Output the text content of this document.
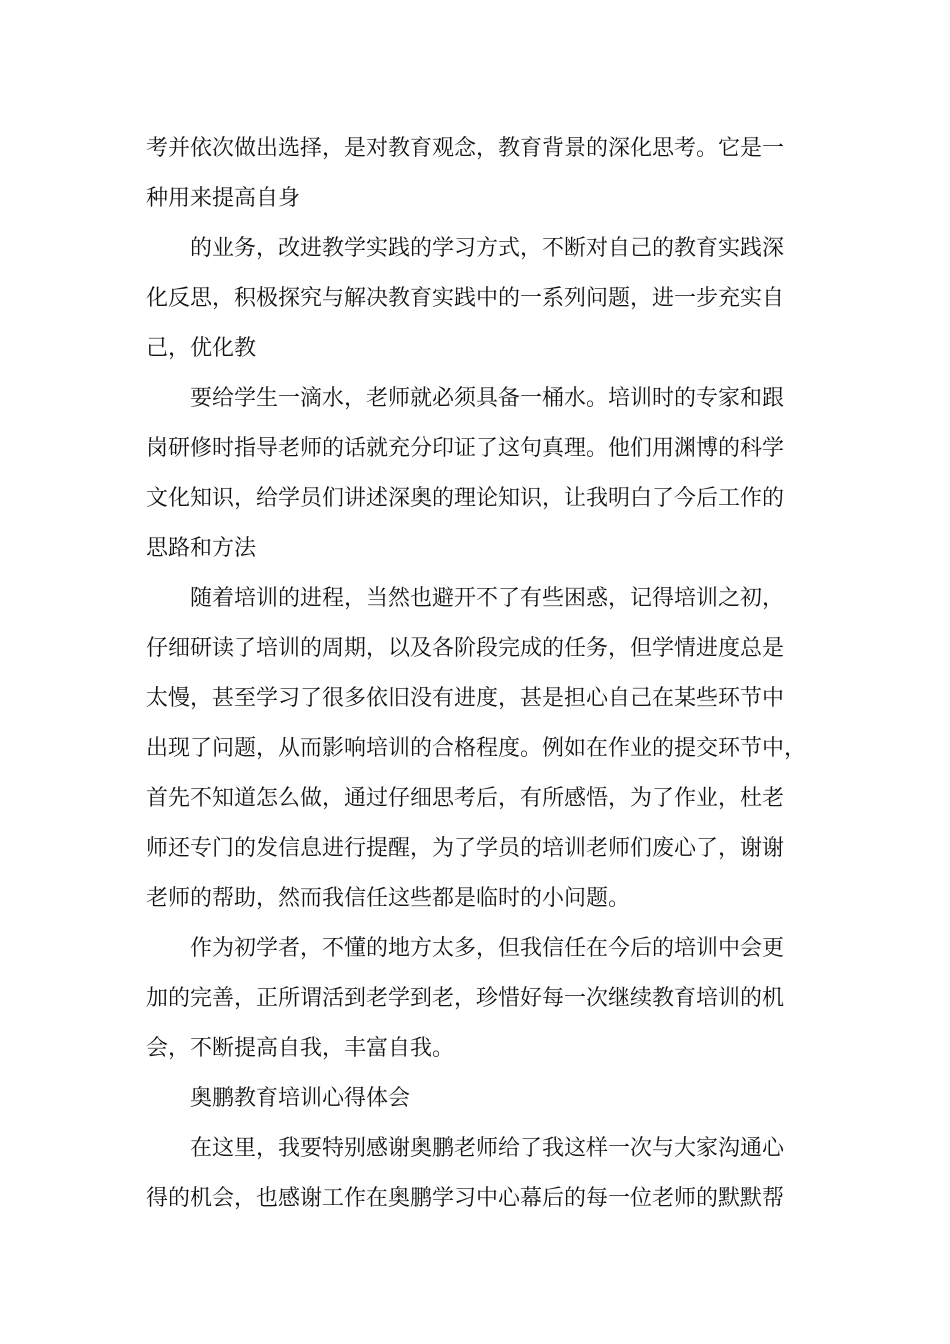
考并依次做出选择，是对教育观念，教育背景的深化思考。它是一
种用来提高自身
的业务，改进教学实践的学习方式，不断对自己的教育实践深
化反思，积极探究与解决教育实践中的一系列问题，进一步充实自
己，优化教
要给学生一滴水，老师就必须具备一桶水。培训时的专家和跟
岗研修时指导老师的话就充分印证了这句真理。他们用渊博的科学
文化知识，给学员们讲述深奥的理论知识，让我明白了今后工作的
思路和方法
随着培训的进程，当然也避开不了有些困惑，记得培训之初，
仔细研读了培训的周期，以及各阶段完成的任务，但学情进度总是
太慢，甚至学习了很多依旧没有进度，甚是担心自己在某些环节中
出现了问题，从而影响培训的合格程度。例如在作业的提交环节中，
首先不知道怎么做，通过仔细思考后，有所感悟，为了作业，杜老
师还专门的发信息进行提醒，为了学员的培训老师们废心了，谢谢
老师的帮助，然而我信任这些都是临时的小问题。
作为初学者，不懂的地方太多，但我信任在今后的培训中会更
加的完善，正所谓活到老学到老，珍惜好每一次继续教育培训的机
会，不断提高自我，丰富自我。
奥鹏教育培训心得体会
在这里，我要特别感谢奥鹏老师给了我这样一次与大家沟通心
得的机会，也感谢工作在奥鹏学习中心幕后的每一位老师的默默帮
